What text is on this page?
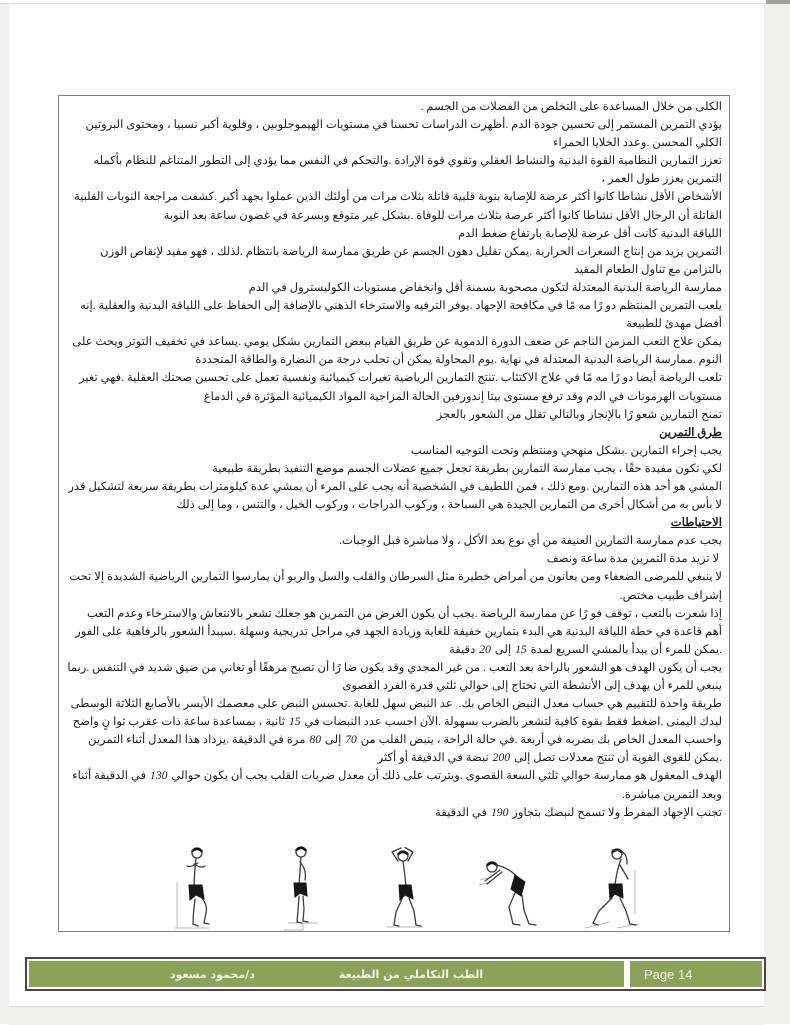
الكلى من خلال المساعدة على التخلص من الفضلات من الجسم .

يؤدي التمرين المستمر إلى تحسين جودة الدم .أظهرت الدراسات تحسنا في مستويات الهيموجلوبين ، وقلوية أكبر نسبيا ، ومحتوى البروتين الكلي المحسن .وعدد الخلايا الحمراء

تعزز التمارين النظامية القوة البدنية والنشاط العقلي وتقوي قوة الإرادة .والتحكم في النفس مما يؤدي إلى التطور المتناغم للنظام بأكمله

التمرين يعزز طول العمر ،

الأشخاص الأقل نشاطا كانوا أكثر عرضة للإصابة بنوبة قلبية قاتلة بثلاث مرات من أولئك الذين عملوا بجهد أكبر .كشفت مراجعة النوبات القلبية القاتلة أن الرجال الأقل نشاطا كانوا أكثر عرضة بثلاث مرات للوفاة .بشكل غير متوقع وبسرعة في غضون ساعة بعد النوبة

اللياقة البدنية كانت أقل عرضة للإصابة بارتفاع ضغط الدم

التمرين يزيد من إنتاج السعرات الحرارية .يمكن تقليل دهون الجسم عن طريق ممارسة الرياضة بانتظام .لذلك ، فهو مفيد لإنقاص الوزن بالتزامن مع تناول الطعام المقيد

ممارسة الرياضة البدنية المعتدلة لتكون مصحوبة بسمنة أقل وانخفاض مستويات الكوليسترول في الدم

يلعب التمرين المنتظم دو رًا مه مًا في مكافحة الإجهاد .يوفر الترفيه والاسترخاء الذهني بالإضافة إلى الحفاظ على اللياقة البدنية والعقلية .إنه أفضل مهدئ للطبيعة

يمكن علاج التعب المزمن الناجم عن ضعف الدورة الدموية عن طريق القيام ببعض التمارين بشكل يومي .يساعد في تخفيف التوتر ويحث على النوم .ممارسة الرياضة البدنية المعتدلة في نهاية .يوم المحاولة يمكن أن تجلب درجة من النضارة والطاقة المتجددة

تلعب الرياضة أيضا دو رًا مه مًا في علاج الاكتئاب .تنتج التمارين الرياضية تغيرات كيميائية ونفسية تعمل على تحسين صحتك العقلية .فهي تغير مستويات الهرمونات في الدم وقد ترفع مستوى بيتا إندورفين الحالة المزاجية المواد الكيميائية المؤثرة في الدماغ

تمنح التمارين شعو رًا بالإنجاز وبالتالي تقلل من الشعور بالعجز

طرق التمرين

يجب إجراء التمارين .بشكل منهجي ومنتظم وتحت التوجيه المناسب

لكي تكون مفيدة حقًا ، يجب ممارسة التمارين بطريقة تجعل جميع عضلات الجسم موضع التنفيذ بطريقة طبيعية

المشي هو أحد هذه التمارين .ومع ذلك ، فمن اللطيف في الشخصية أنه يجب على المرء أن يمشي عدة كيلومترات بطريقة سريعة لتشكيل قدر لا بأس به من أشكال أخرى من التمارين الجيدة هي السباحة ، وركوب الدراجات ، وركوب الخيل ، والتنس ، وما إلى ذلك

الاحتياطات

يجب عدم ممارسة التمارين العنيفة من أي نوع بعد الأكل ، ولا مباشرة قبل الوجبات.

لا تزيد مدة التمرين مدة ساعة ونصف

لا ينبغي للمرضى الضعفاء ومن يعانون من أمراض خطيرة مثل السرطان والقلب والسل والربو أن يمارسوا التمارين الرياضية الشديدة إلا تحت إشراف طبيب مختص.

إذا شعرت بالتعب ، توقف فو رًا عن ممارسة الرياضة .يجب أن يكون الغرض من التمرين هو جعلك تشعر بالانتعاش والاسترخاء وعدم التعب

أهم قاعدة في خطة اللياقة البدنية هي البدء بتمارين خفيفة للغاية وزيادة الجهد في مراحل تدريجية وسهلة .سيبدأ الشعور بالرفاهية على الفور .يمكن للمرء أن يبدأ بالمشي السريع لمدة 15 إلى 20 دقيقة

يجب أن يكون الهدف هو الشعور بالراحة بعد التعب . من غير المجدي وقد يكون ضا رًا أن تصبح مرهقًا أو تعاني من ضيق شديد في التنفس .ربما ينبغي للمرء أن يهدف إلى الأنشطة التي تحتاج إلى حوالي ثلثي قدرة الفرد القصوى

طريقة واحدة للتقييم هي حساب معدل النبض الخاص بك.  عد النبض سهل للغاية .تحسس النبض على معصمك الأيسر بالأصابع الثلاثة الوسطى ليدك اليمنى .اضغط فقط بقوة كافية لتشعر بالضرب بسهولة .الآن احسب عدد النبضات في 15 ثانية ، بمساعدة ساعة ذات عقرب ثوا نٍ واضح واحسب المعدل الخاص بك بضربه في أربعة .في حالة الراحة ، ينبض القلب من 70 إلى 80 مرة في الدقيقة .يزداد هذا المعدل أثناء التمرين .يمكن للقوى القوية أن تنتج معدلات تصل إلى 200 نبضة في الدقيقة أو أكثر

الهدف المعقول هو ممارسة حوالي ثلثي السعة القصوى .ويترتب على ذلك أن معدل ضربات القلب يجب أن يكون حوالي 130 في الدقيقة أثناء وبعد التمرين مباشرة.

تجنب الإجهاد المفرط ولا تسمح لنبضك بتجاوز 190 في الدقيقة

الطب التكاملي من الطبيعة
د/محمود مسعود	Page 14
